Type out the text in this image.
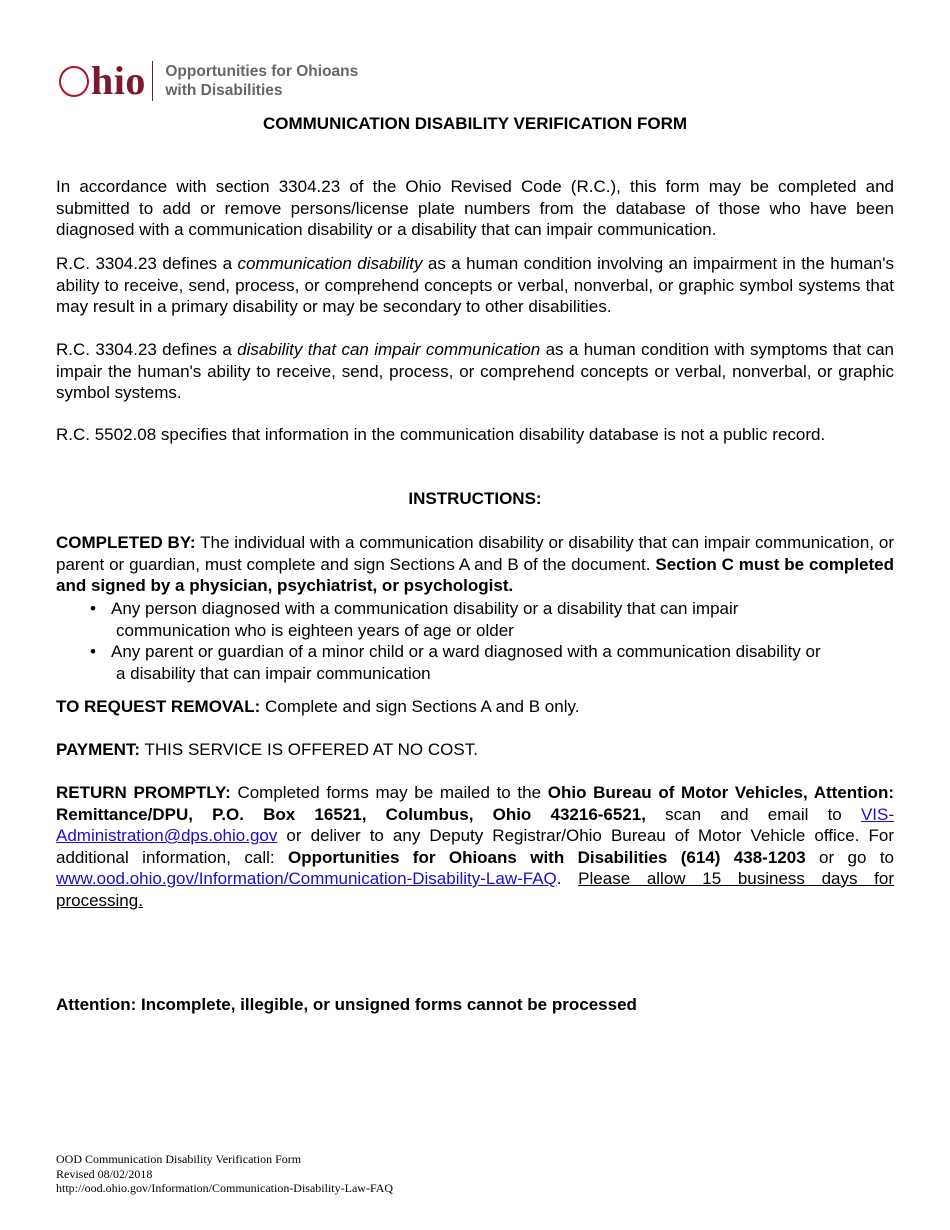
hio Opportunities for Ohioans
with Disabilities
COMMUNICATION DISABILITY VERIFICATION FORM

In accordance with section 3304.23 of the Ohio Revised Code (R.C.), this form may be completed and submitted to add or remove persons/license plate numbers from the database of those who have been diagnosed with a communication disability or a disability that can impair communication.

R.C. 3304.23 defines a communication disability as a human condition involving an impairment in the human's ability to receive, send, process, or comprehend concepts or verbal, nonverbal, or graphic symbol systems that may result in a primary disability or may be secondary to other disabilities.

R.C. 3304.23 defines a disability that can impair communication as a human condition with symptoms that can impair the human's ability to receive, send, process, or comprehend concepts or verbal, nonverbal, or graphic symbol systems.

R.C. 5502.08 specifies that information in the communication disability database is not a public record.

INSTRUCTIONS:

COMPLETED BY: The individual with a communication disability or disability that can impair communication, or parent or guardian, must complete and sign Sections A and B of the document. Section C must be completed and signed by a physician, psychiatrist, or psychologist.

• Any person diagnosed with a communication disability or a disability that can impair
communication who is eighteen years of age or older
• Any parent or guardian of a minor child or a ward diagnosed with a communication disability or
a disability that can impair communication

TO REQUEST REMOVAL: Complete and sign Sections A and B only.

PAYMENT: THIS SERVICE IS OFFERED AT NO COST.

RETURN PROMPTLY: Completed forms may be mailed to the Ohio Bureau of Motor Vehicles, Attention: Remittance/DPU, P.O. Box 16521, Columbus, Ohio 43216-6521, scan and email to VIS-Administration@dps.ohio.gov or deliver to any Deputy Registrar/Ohio Bureau of Motor Vehicle office. For additional information, call: Opportunities for Ohioans with Disabilities (614) 438-1203 or go to www.ood.ohio.gov/Information/Communication-Disability-Law-FAQ. Please allow 15 business days for processing.

Attention: Incomplete, illegible, or unsigned forms cannot be processed
OOD Communication Disability Verification Form
Revised 08/02/2018
http://ood.ohio.gov/Information/Communication-Disability-Law-FAQ
